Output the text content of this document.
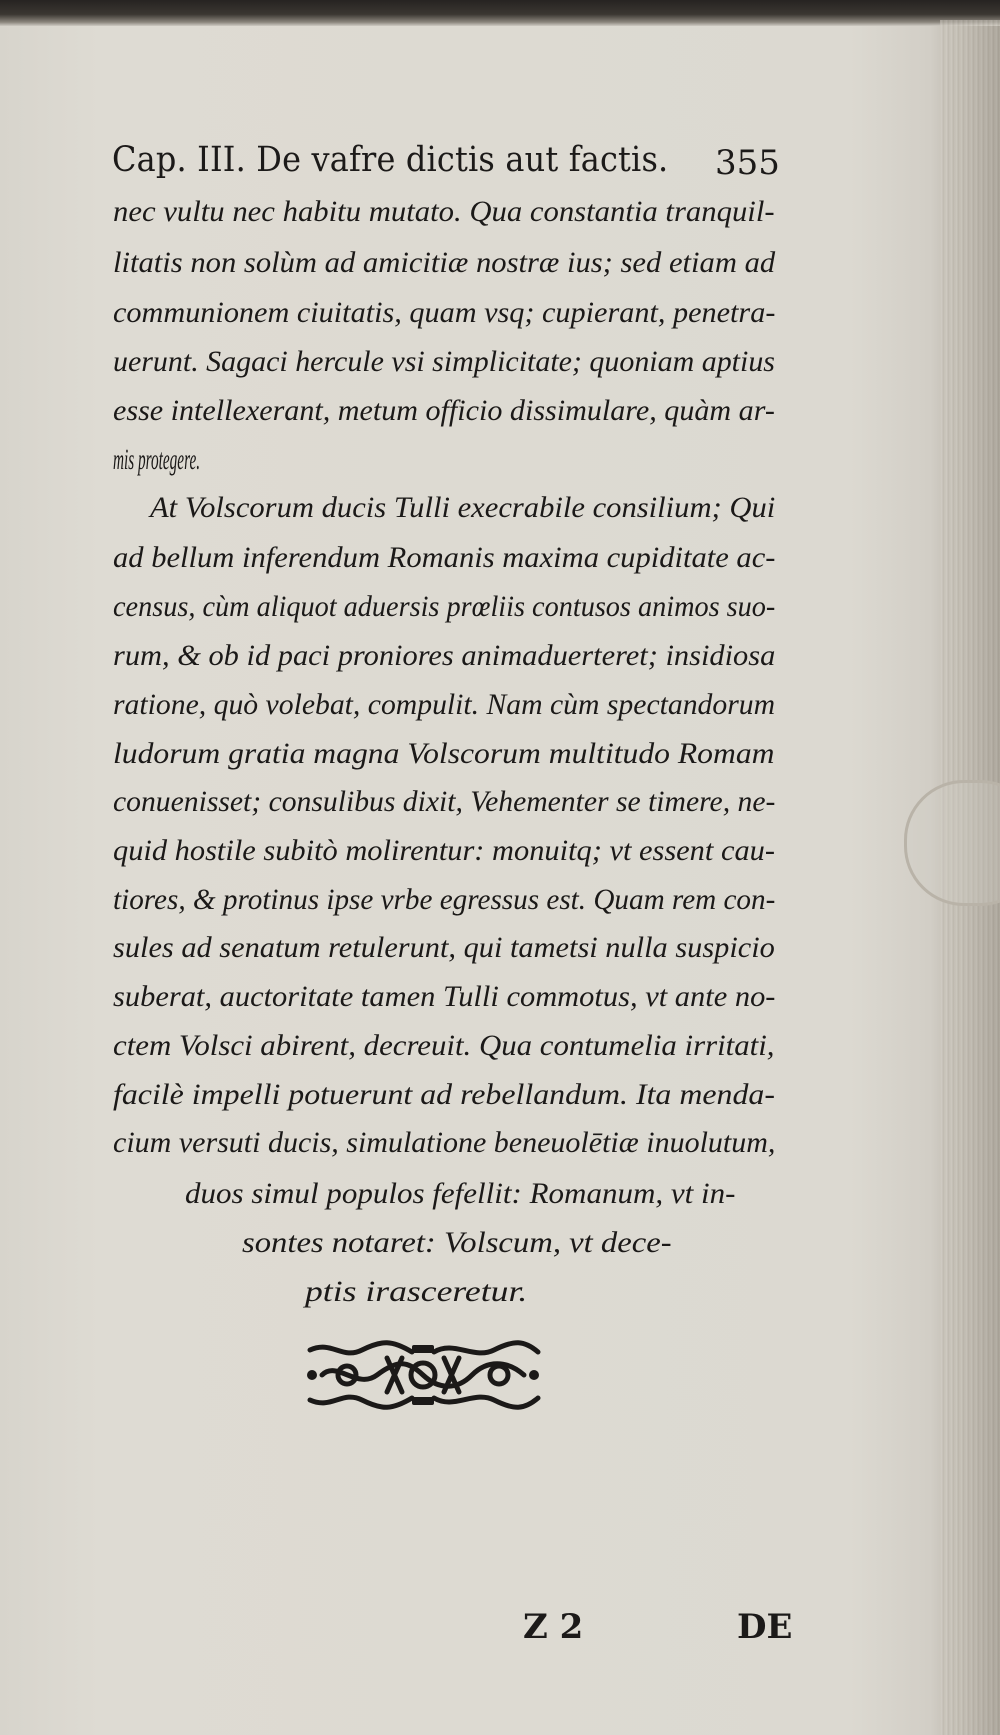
Cap. III. De vafre dictis aut factis. 355
nec vultu nec habitu mutato. Qua constantia tranquil-
litatis non solùm ad amicitiæ nostræ ius; sed etiam ad
communionem ciuitatis, quam vsq; cupierant, penetra-
uerunt. Sagaci hercule vsi simplicitate; quoniam aptius
esse intellexerant, metum officio dissimulare, quàm ar-
mis protegere.
At Volscorum ducis Tulli execrabile consilium; Qui
ad bellum inferendum Romanis maxima cupiditate ac-
census, cùm aliquot aduersis prœliis contusos animos suo-
rum, & ob id paci proniores animaduerteret; insidiosa
ratione, quò volebat, compulit. Nam cùm spectandorum
ludorum gratia magna Volscorum multitudo Romam
conuenisset; consulibus dixit, Vehementer se timere, ne-
quid hostile subitò molirentur: monuitq; vt essent cau-
tiores, & protinus ipse vrbe egressus est. Quam rem con-
sules ad senatum retulerunt, qui tametsi nulla suspicio
suberat, auctoritate tamen Tulli commotus, vt ante no-
ctem Volsci abirent, decreuit. Qua contumelia irritati,
facilè impelli potuerunt ad rebellandum. Ita menda-
cium versuti ducis, simulatione beneuolētiæ inuolutum,
duos simul populos fefellit: Romanum, vt in-
sontes notaret: Volscum, vt dece-
ptis irasceretur.
Z 2	DE
